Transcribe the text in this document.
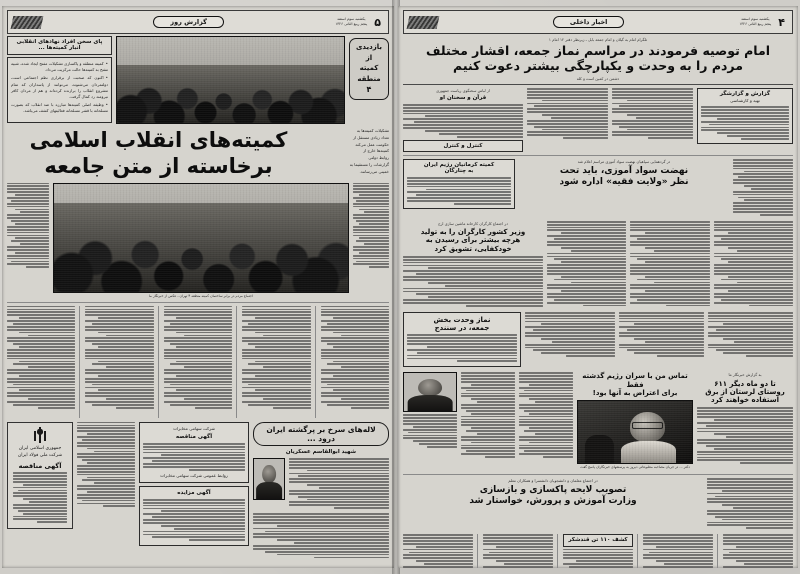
۵
یکشنبه سوم اسفند
پنجم ربیع الثانی ۱۳۲۶
گزارش روز
بازدیدی
از
کمیته
منطقه
۴
پای سخن افراد نهادهای انقلابی
انبار کمیته‌ها ...

• کمیته منطقه و پاکسازی تشکیلات مفتح ایجاد شده، شبیه مفتح به کمیته‌ها حالت مرکزیت می‌داد.

• اکنون که صحبت از برقراری نظم اجتماعی است، دولتمردان می‌شنوند، می‌توانند از پاسداران که تمام مشروع انقلاب را برازنده کرده‌اند و هم از مردان کافر نیرومند رد کمال گرفت.

• وظیفه اصلی کمیته‌ها مبارزه با ضد انقلاب که بصورت مسلحانه با قشر مسلحانه فعالیتهای کشف می‌باشد.

تشکیلات کمیته‌ها به
تعداد زیادی مستقل از
حکومت عمل می‌کند
کمیته‌ها خارج از
روابط دولتی
گزارشات را مستقیما به
خمینی می‌رسانند.
کمیته‌های انقلاب اسلامی
برخاسته از متن جامعه
اجتماع مردم در برابر ساختمان کمیته منطقه ۴ تهران ـ عکس از خبرنگار ما
لاله‌های سرخ بر پرگشته ایران درود ...
شهید ابوالقاسم عسکریان
شرکت سهامی مخابرات
آگهی مناقصه
روابط عمومی شرکت سهامی مخابرات
آگهی مزایده
جمهوری اسلامی ایران
شرکت ملی فولاد ایران
آگهی مناقصه
۴
یکشنبه سوم اسفند
پنجم ربیع الثانی ۱۳۲۶
اخبار داخلی
تلگرام امام به گیلان و امام جمعه بابل ـ زیرنظر دفتر ۱۲ امام ۱
امام توصیه فرمودند در مراسم نماز جمعه، اقشار مختلف
مردم را به وحدت و یکپارچگی بیشتر دعوت کنیم
دشمن در کمین است و کله
گزارش و گزارشگر
تهیه و کارشناسی
از لباس سخنگوی ریاست جمهوری
قرآن و سخنان او
کنترل و کنترل
در گردهمایی سپاهیان نهضت سواد آموزی مراسم اعلام شد
نهضت سواد آموزی، باید تحت
نظر «ولایت فقیه» اداره شود
کمیته کرمانیان رژیم ایران
به چنارگان
در اجتماع کارگران کارخانه ماشین سازی ارج
وزیر کشور کارگران را به تولید
هرچه بیشتر برای رسیدن به
خودکفایی، تشویق کرد
نماز وحدت بخش
جمعه، در سنندج
به گزارش خبرنگار ما
تا دو ماه دیگر ۶۱۱
روستای لرستان از برق
استفاده خواهند کرد
تماس من با سران رژیم گذشته فقط
برای اعتراض به آنها بود!
دکتر ... در جریان مصاحبه مطبوعاتی دیروز به پرسشهای خبرنگاران پاسخ گفت
در اجتماع معلمان و دانشجویان دانشسرا و همکاران معلم
تصویب لایحه پاکسازی و بازسازی
وزارت آموزش و پرورش، خواستار شد
کشف ۱۱۰ تن قندشکر
